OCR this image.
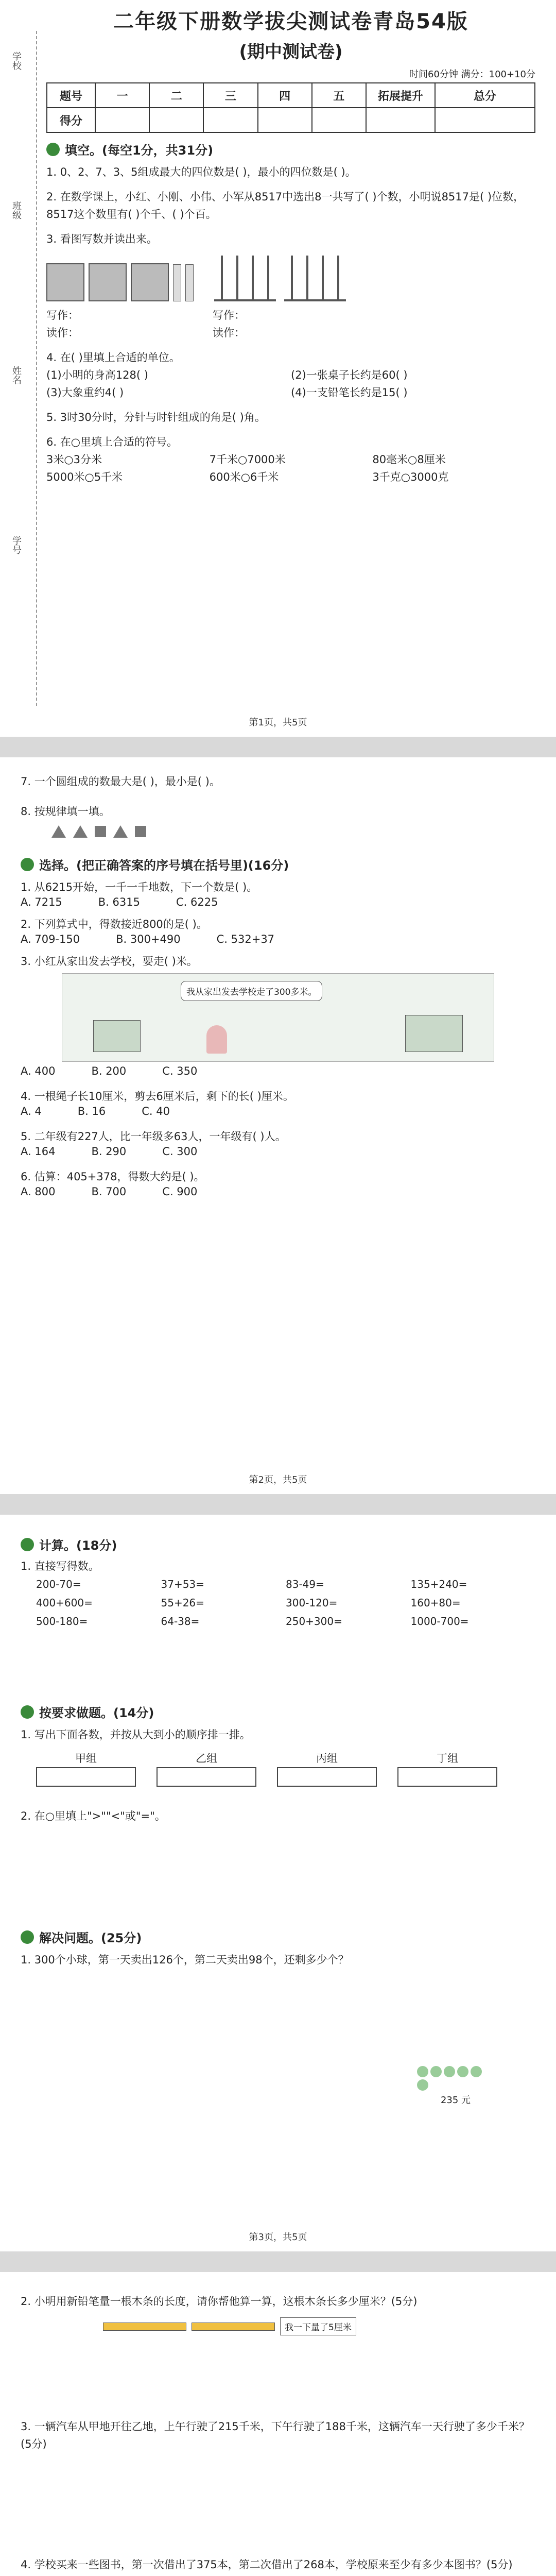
学校
班级
姓名
学号
二年级下册数学拔尖测试卷青岛54版
(期中测试卷)
时间60分钟 满分：100+10分
题号	一	二	三	四	五	拓展提升	总分
得分							
填空。(每空1分，共31分)
1. 0、2、7、3、5组成最大的四位数是( )，最小的四位数是( )。
2. 在数学课上，小红、小刚、小伟、小军从8517中选出8一共写了( )个数，小明说8517是( )位数，8517这个数里有( )个千、( )个百。
3. 看图写数并读出来。
写作：	写作：
读作：	读作：
4. 在( )里填上合适的单位。
(1)小明的身高128( )	(2)一张桌子长约是60( )
(3)大象重约4( )	(4)一支铅笔长约是15( )
5. 3时30分时，分针与时针组成的角是( )角。
6. 在○里填上合适的符号。
3米○3分米	7千米○7000米	80毫米○8厘米
5000米○5千米	600米○6千米	3千克○3000克
第1页，共5页
7. 一个圆组成的数最大是( )，最小是( )。
8. 按规律填一填。
选择。(把正确答案的序号填在括号里)(16分)
1. 从6215开始，一千一千地数，下一个数是( )。
A. 7215	B. 6315	C. 6225
2. 下列算式中，得数接近800的是( )。
A. 709-150	B. 300+490	C. 532+37
3. 小红从家出发去学校，要走( )米。
我从家出发去学校走了300多米。
A. 400	B. 200	C. 350
4. 一根绳子长10厘米，剪去6厘米后，剩下的长( )厘米。
A. 4	B. 16	C. 40
5. 二年级有227人，比一年级多63人，一年级有( )人。
A. 164	B. 290	C. 300
6. 估算：405+378，得数大约是( )。
A. 800	B. 700	C. 900
第2页，共5页
计算。(18分)
1. 直接写得数。
200-70=	37+53=	83-49=	135+240=
400+600=	55+26=	300-120=	160+80=
500-180=	64-38=	250+300=	1000-700=
按要求做题。(14分)
1. 写出下面各数，并按从大到小的顺序排一排。
甲组	乙组	丙组	丁组
2. 在○里填上">""<"或"="。
解决问题。(25分)
1. 300个小球，第一天卖出126个，第二天卖出98个，还剩多少个？
235 元
第3页，共5页
2. 小明用新铅笔量一根木条的长度，请你帮他算一算，这根木条长多少厘米？(5分)
我一下量了5厘米
3. 一辆汽车从甲地开往乙地，上午行驶了215千米，下午行驶了188千米，这辆汽车一天行驶了多少千米？(5分)
4. 学校买来一些图书，第一次借出了375本，第二次借出了268本，学校原来至少有多少本图书？(5分)
